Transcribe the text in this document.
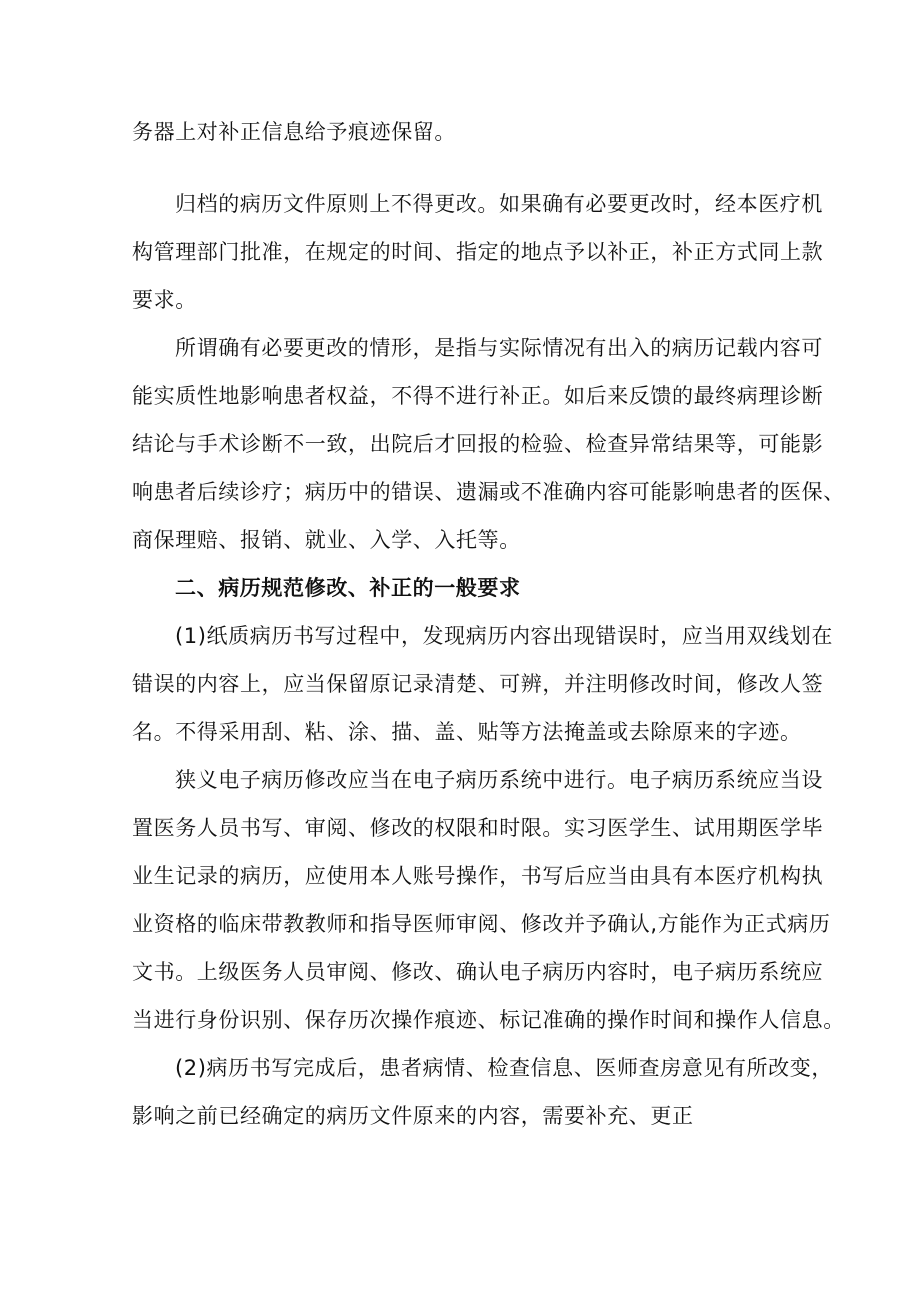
务器上对补正信息给予痕迹保留。
归档的病历文件原则上不得更改。如果确有必要更改时，经本医疗机
构管理部门批准，在规定的时间、指定的地点予以补正，补正方式同上款
要求。
所谓确有必要更改的情形，是指与实际情况有出入的病历记载内容可
能实质性地影响患者权益，不得不进行补正。如后来反馈的最终病理诊断
结论与手术诊断不一致，出院后才回报的检验、检查异常结果等，可能影
响患者后续诊疗；病历中的错误、遗漏或不准确内容可能影响患者的医保、
商保理赔、报销、就业、入学、入托等。
二、病历规范修改、补正的一般要求
(1)纸质病历书写过程中，发现病历内容出现错误时，应当用双线划在
错误的内容上，应当保留原记录清楚、可辨，并注明修改时间，修改人签
名。不得采用刮、粘、涂、描、盖、贴等方法掩盖或去除原来的字迹。
狭义电子病历修改应当在电子病历系统中进行。电子病历系统应当设
置医务人员书写、审阅、修改的权限和时限。实习医学生、试用期医学毕
业生记录的病历，应使用本人账号操作，书写后应当由具有本医疗机构执
业资格的临床带教教师和指导医师审阅、修改并予确认,方能作为正式病历
文书。上级医务人员审阅、修改、确认电子病历内容时，电子病历系统应
当进行身份识别、保存历次操作痕迹、标记准确的操作时间和操作人信息。
(2)病历书写完成后，患者病情、检查信息、医师查房意见有所改变，
影响之前已经确定的病历文件原来的内容，需要补充、更正
